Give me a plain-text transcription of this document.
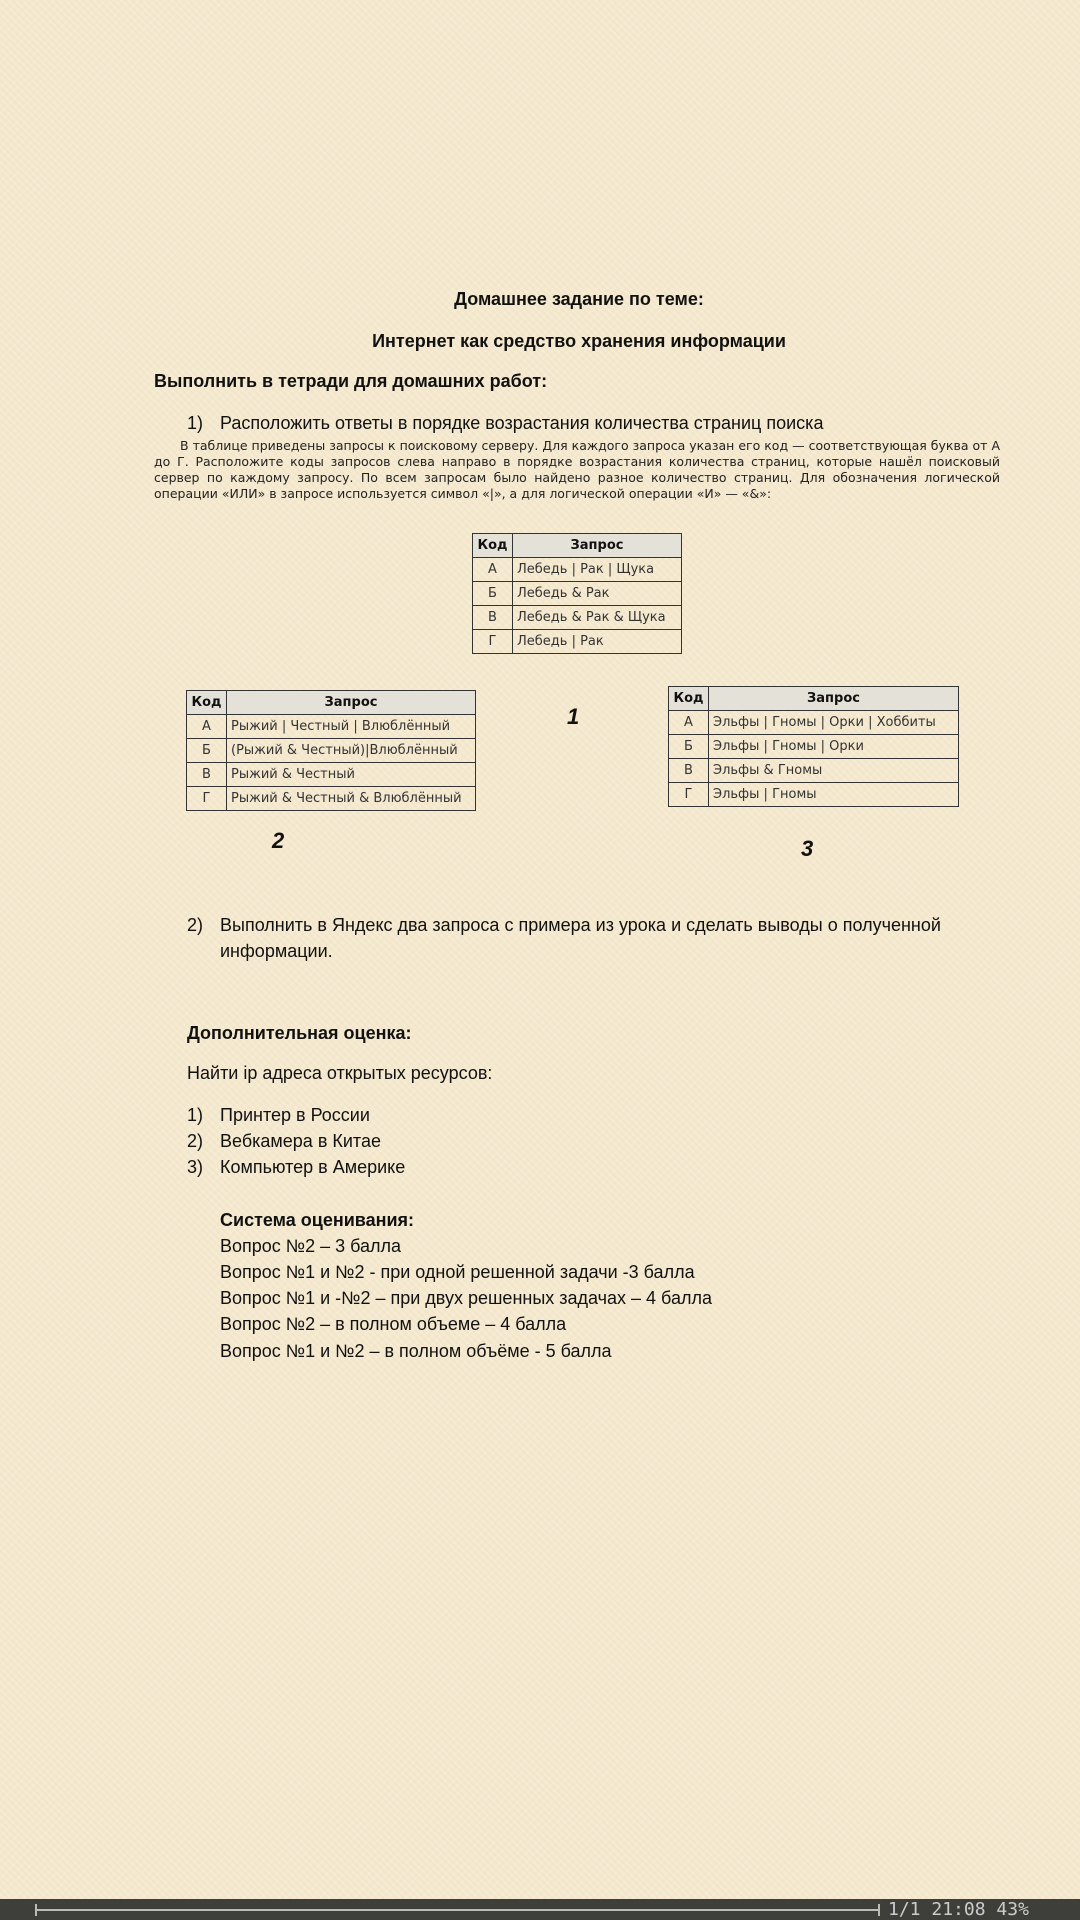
Домашнее задание по теме:
Интернет как средство хранения информации
Выполнить в тетради для домашних работ:
1) Расположить ответы в порядке возрастания количества страниц поиска
В таблице приведены запросы к поисковому серверу. Для каждого запроса указан его код — соответствующая буква от А до Г. Расположите коды запросов слева направо в порядке возрастания количества страниц, которые нашёл поисковый сервер по каждому запросу. По всем запросам было найдено разное количество страниц. Для обозначения логической операции «ИЛИ» в запросе используется символ «|», а для логической операции «И» — «&»:
Код	Запрос
А	Лебедь | Рак | Щука
Б	Лебедь & Рак
В	Лебедь & Рак & Щука
Г	Лебедь | Рак
1
Код	Запрос
А	Рыжий | Честный | Влюблённый
Б	(Рыжий & Честный)|Влюблённый
В	Рыжий & Честный
Г	Рыжий & Честный & Влюблённый
2
Код	Запрос
А	Эльфы | Гномы | Орки | Хоббиты
Б	Эльфы | Гномы | Орки
В	Эльфы & Гномы
Г	Эльфы | Гномы
3
2) Выполнить в Яндекс два запроса с примера из урока и сделать выводы о полученной
информации.
Дополнительная оценка:
Найти ip адреса открытых ресурсов:
1) Принтер в России
2) Вебкамера в Китае
3) Компьютер в Америке
Система оценивания:
Вопрос №2 – 3 балла
Вопрос №1 и №2 - при одной решенной задачи -3 балла
Вопрос №1 и -№2 – при двух решенных задачах – 4 балла
Вопрос №2 – в полном объеме – 4 балла
Вопрос №1 и №2 – в полном объёме - 5 балла
1/1 21:08 43%
